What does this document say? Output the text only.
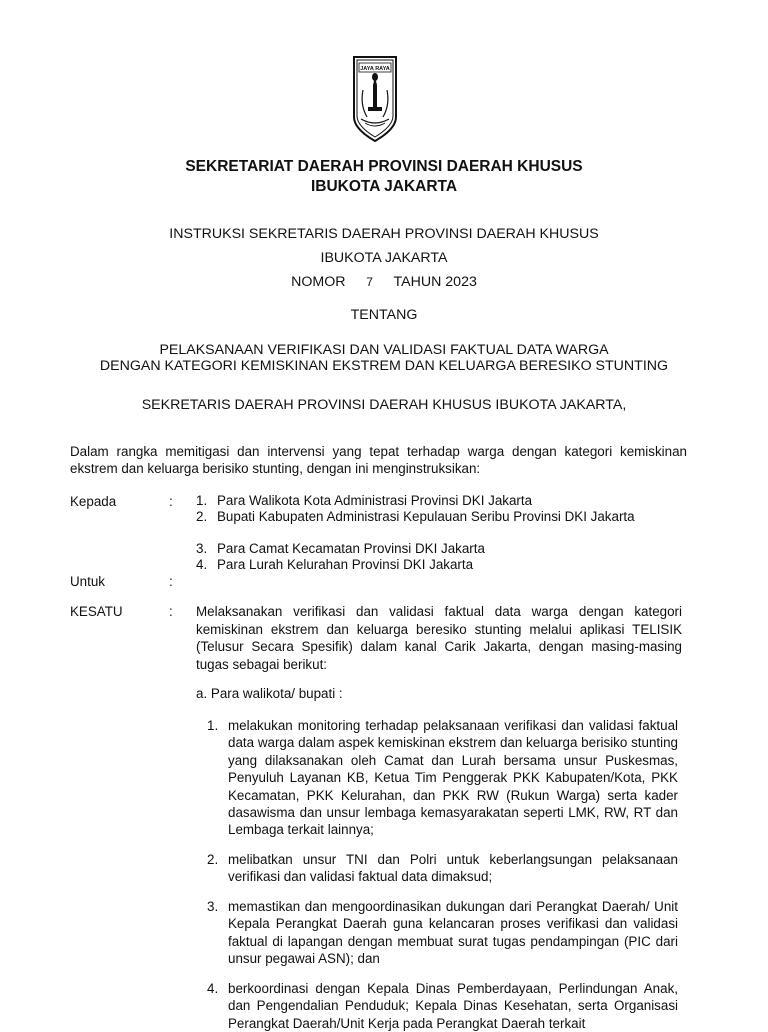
JAYA RAYA
SEKRETARIAT DAERAH PROVINSI DAERAH KHUSUS
IBUKOTA JAKARTA
INSTRUKSI SEKRETARIS DAERAH PROVINSI DAERAH KHUSUS
IBUKOTA JAKARTA
NOMOR 7 TAHUN 2023
TENTANG
PELAKSANAAN VERIFIKASI DAN VALIDASI FAKTUAL DATA WARGA
DENGAN KATEGORI KEMISKINAN EKSTREM DAN KELUARGA BERESIKO STUNTING
SEKRETARIS DAERAH PROVINSI DAERAH KHUSUS IBUKOTA JAKARTA,
Dalam rangka memitigasi dan intervensi yang tepat terhadap warga dengan kategori kemiskinan ekstrem dan keluarga berisiko stunting, dengan ini menginstruksikan:
Kepada	: 1. Para Walikota Kota Administrasi Provinsi DKI Jakarta
2. Bupati Kabupaten Administrasi Kepulauan Seribu Provinsi DKI Jakarta
3. Para Camat Kecamatan Provinsi DKI Jakarta
4. Para Lurah Kelurahan Provinsi DKI Jakarta
Untuk	:
KESATU	: Melaksanakan verifikasi dan validasi faktual data warga dengan kategori kemiskinan ekstrem dan keluarga beresiko stunting melalui aplikasi TELISIK (Telusur Secara Spesifik) dalam kanal Carik Jakarta, dengan masing-masing tugas sebagai berikut:
a. Para walikota/ bupati :
1. melakukan monitoring terhadap pelaksanaan verifikasi dan validasi faktual data warga dalam aspek kemiskinan ekstrem dan keluarga berisiko stunting yang dilaksanakan oleh Camat dan Lurah bersama unsur Puskesmas, Penyuluh Layanan KB, Ketua Tim Penggerak PKK Kabupaten/Kota, PKK Kecamatan, PKK Kelurahan, dan PKK RW (Rukun Warga) serta kader dasawisma dan unsur lembaga kemasyarakatan seperti LMK, RW, RT dan Lembaga terkait lainnya;
2. melibatkan unsur TNI dan Polri untuk keberlangsungan pelaksanaan verifikasi dan validasi faktual data dimaksud;
3. memastikan dan mengoordinasikan dukungan dari Perangkat Daerah/ Unit Kepala Perangkat Daerah guna kelancaran proses verifikasi dan validasi faktual di lapangan dengan membuat surat tugas pendampingan (PIC dari unsur pegawai ASN); dan
4. berkoordinasi dengan Kepala Dinas Pemberdayaan, Perlindungan Anak, dan Pengendalian Penduduk; Kepala Dinas Kesehatan, serta Organisasi Perangkat Daerah/Unit Kerja pada Perangkat Daerah terkait
